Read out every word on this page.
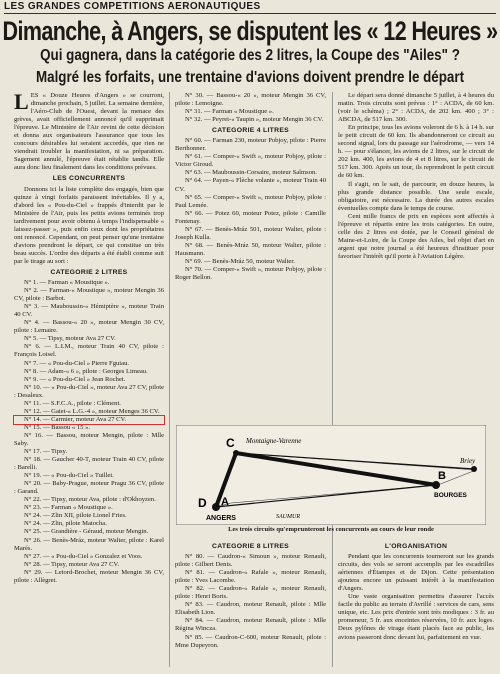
LES GRANDES COMPETITIONS AERONAUTIQUES
Dimanche, à Angers, se disputent les « 12 Heures »
Qui gagnera, dans la catégorie des 2 litres, la Coupe des "Ailes" ?
Malgré les forfaits, une trentaine d'avions doivent prendre le départ

LES « Douze Heures d'Angers » se courront, dimanche prochain, 5 juillet. La semaine dernière, l'Aéro-Club de l'Ouest, devant la menace des grèves, avait officiellement annoncé qu'il supprimait l'épreuve. Le Ministère de l'Air revint de cette décision et donna aux organisateurs l'assurance que tous les concours désirables lui seraient accordés, que rien ne viendrait troubler la manifestation, ni sa préparation. Sagement annulé, l'épreuve était rétablie tandis. Elle aura donc lieu finalement dans les conditions prévues.

LES CONCURRENTS

Donnons ici la liste complète des engagés, bien que quinze à vingt forfaits paraissent inévitables. Il y a, d'abord les « Pou-du-Ciel » frappés d'interdit par le Ministère de l'Air, puis les petits avions terminés trop tardivement pour avoir obtenu à temps l'indispensable « laissez-passer », puis enfin ceux dont les propriétaires ont renoncé. Cependant, on peut penser qu'une trentaine d'avions prendront le départ, ce qui constitue un très beau succès. L'ordre des départs a été établi comme suit par le tirage au sort :

CATEGORIE 2 LITRES

N° 1. — Farman « Moustique ».

N° 2. — Farman-« Moustique », moteur Mengin 36 CV, pilote : Barbot.

N° 3. — Mauboussin-« Hémiptère », moteur Train 40 CV.

N° 4. — Bassou-« 20 », moteur Mengin 30 CV, pilote : Lemaire.

N° 5. — Tipsy, moteur Ava 27 CV.

N° 6. — L.I.M., moteur Train 40 CV, pilote : François Loisel.

N° 7. — « Pou-du-Ciel » Pierre Fguiau.

N° 8. — Adam-« 6 », pilote : Georges Limeau.

N° 9. — « Pou-du-Ciel » Jean Rochet.

N° 10. — « Pou-du-Ciel », moteur Ava 27 CV, pilote : Desaleux.

N° 11. — S.F.C.A., pilote : Clément.

N° 12. — Gatet-« L.G.-4 », moteur Menges 36 CV.

N° 14. — Carmier, moteur Ava 27 CV.

N° 15. — Bassou « 15 ».

N° 16. — Bassou, moteur Mengin, pilote : Mlle Saby.

N° 17. — Tipsy.

N° 18. — Gaucher 40-T, moteur Train 40 CV, pilote : Barelli.

N° 19. — « Pou-du-Ciel » Tuillet.

N° 20. — Baby-Prague, moteur Pragu 36 CV, pilote : Garand.

N° 22. — Tipsy, moteur Ava, pilote : d'Okhoyzen.

N° 23. — Farman « Moustique ».

N° 24. — Zlin XII, pilote Lionel Fries.

N° 24. — Zlin, pilote Matocha.

N° 25. — Grandière - Géraud, moteur Mengin.

N° 26. — Benès-Mráz, moteur Walter, pilote : Karel Marés.

N° 27. — « Pou-du-Ciel » Gonzalez et Voos.

N° 28. — Tipsy, moteur Ava 27 CV.

N° 29. — Letord-Brochet, moteur Mengin 36 CV, pilote : Allègret.

N° 30. — Bassou-« 20 », moteur Mengin 36 CV, pilote : Lemoigne.

N° 31. — Farman « Moustique ».

N° 32. — Peyret-« Taupin », moteur Mengin 36 CV.

CATEGORIE 4 LITRES

N° 60. — Farman 230, moteur Pobjoy, pilote : Pierre Berthonner.

N° 61. — Comper-« Swift », moteur Pobjoy, pilote : Victor Giroud.

N° 63. — Mauboussin-Corsaire, moteur Salmson.

N° 64. — Payen-« Flèche volante », moteur Train 40 CV.

N° 65. — Comper-« Swift », moteur Pobjoy, pilote : Paul Lemée.

N° 66. — Potez 60, moteur Potez, pilote : Camille Fontenay.

N° 67. — Benès-Mráz 501, moteur Walter, pilote : Joseph Kulla.

N° 68. — Benès-Mráz 50, moteur Walter, pilote : Hausmann.

N° 69. — Benès-Mráz 50, moteur Walter.

N° 70. — Comper-« Swift », moteur Pobjoy, pilote : Roger Bellon.

C
D A
B
Montaigne-Varenne
Briey
ANGERS
BOURGES
SAUMUR
Les trois circuits qu'emprunteront les concurrents au cours de leur ronde

CATEGORIE 8 LITRES

N° 80. — Caudron-« Simoun », moteur Renault, pilote : Gilbert Denis.

N° 81. — Caudron-« Rafale », moteur Renault, pilote : Yves Lacombe.

N° 82. — Caudron-« Rafale », moteur Renault, pilote : Henri Boris.

N° 83. — Caudron, moteur Renault, pilote : Mlle Elisabeth Lion.

N° 84. — Caudron, moteur Renault, pilote : Mlle Régina Wincza.

N° 85. — Caudron-C-600, moteur Renault, pilote : Mme Dupeyron.

Le départ sera donné dimanche 5 juillet, à 4 heures du matin. Trois circuits sont prévus : 1° : ACDA, de 60 km. (voir le schéma) ; 2° : ACDA, de 202 km. 400 ; 3° : ABCDA, de 517 km. 300.

En principe, tous les avions voleront de 6 h. à 14 h. sur le petit circuit de 60 km. Ils abandonneront ce circuit au second signal, lors du passage sur l'aérodrome, — vers 14 h. — pour s'élancer, les avions de 2 litres, sur le circuit de 202 km. 400, les avions de 4 et 8 litres, sur le circuit de 517 km. 300. Après un tour, ils reprendront le petit circuit de 60 km.

Il s'agit, on le sait, de parcourir, en douze heures, la plus grande distance possible. Une seule escale, obligatoire, est nécessaire. La durée des autres escales éventuelles compte dans le temps de course.

Cent mille francs de prix en espèces sont affectés à l'épreuve et répartis entre les trois catégories. En outre, celle des 2 litres est dotée, par le Conseil général de Maine-et-Loire, de la Coupe des Ailes, bel objet d'art en argent que notre journal a été heureux d'instituer pour favoriser l'intérêt qu'il porte à l'Aviation Légère.

L'ORGANISATION

Pendant que les concurrents tourneront sur les grands circuits, des vols se seront accomplis par les escadrilles aériennes d'Étampes et de Dijon. Cette présentation ajoutera encore un puissant intérêt à la manifestation d'Angers.

Une vaste organisation permettra d'assurer l'accès facile du public au terrain d'Avrillé : services de cars, sens unique, etc. Les prix d'entrée sont très modiques : 3 fr. au promeneur, 5 fr. aux enceintes réservées, 10 fr. aux loges. Deux pylônes de virage étant placés face au public, les avions passeront donc devant lui, parfaitement en vue.
